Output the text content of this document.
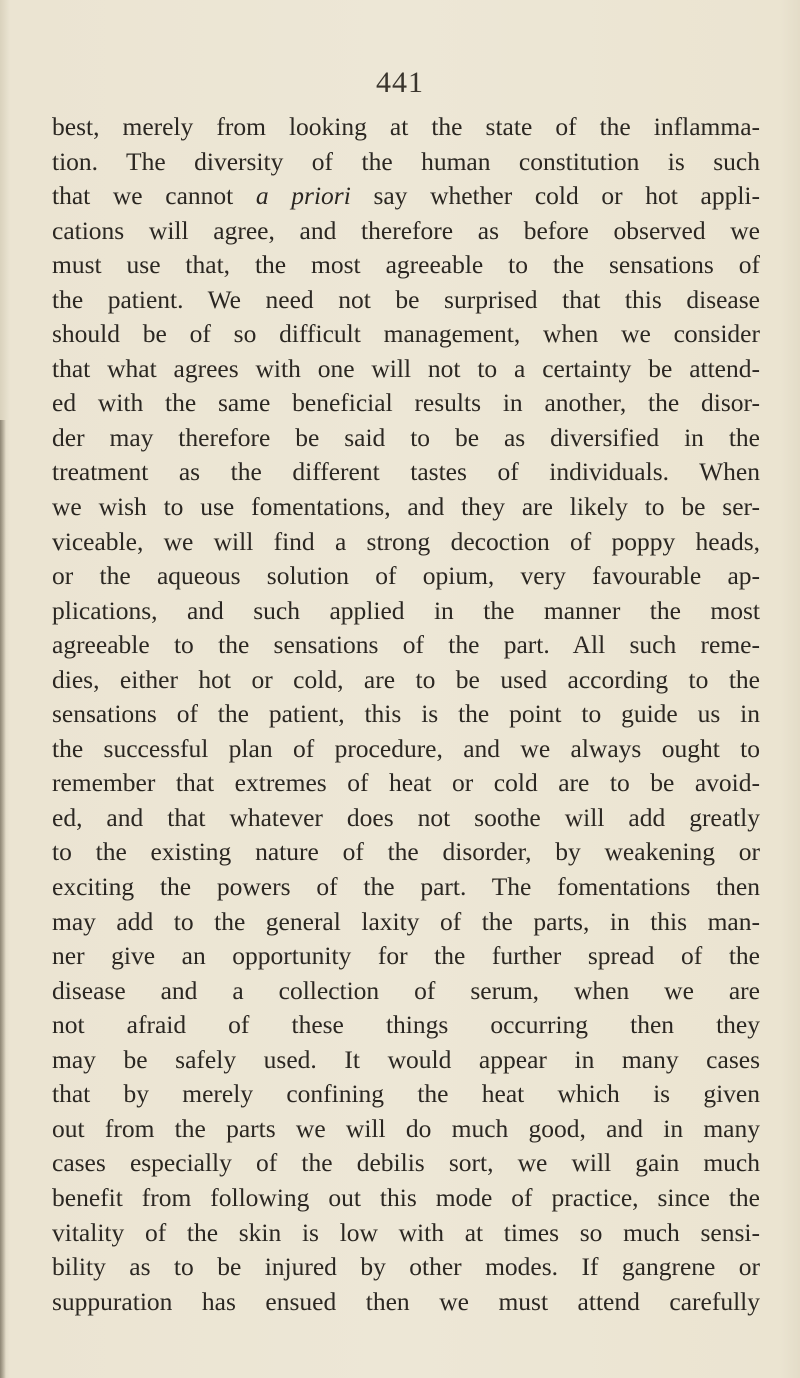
441
best, merely from looking at the state of the inflamma-
tion. The diversity of the human constitution is such
that we cannot a priori say whether cold or hot appli-
cations will agree, and therefore as before observed we
must use that, the most agreeable to the sensations of
the patient. We need not be surprised that this disease
should be of so difficult management, when we consider
that what agrees with one will not to a certainty be attend-
ed with the same beneficial results in another, the disor-
der may therefore be said to be as diversified in the
treatment as the different tastes of individuals. When
we wish to use fomentations, and they are likely to be ser-
viceable, we will find a strong decoction of poppy heads,
or the aqueous solution of opium, very favourable ap-
plications, and such applied in the manner the most
agreeable to the sensations of the part. All such reme-
dies, either hot or cold, are to be used according to the
sensations of the patient, this is the point to guide us in
the successful plan of procedure, and we always ought to
remember that extremes of heat or cold are to be avoid-
ed, and that whatever does not soothe will add greatly
to the existing nature of the disorder, by weakening or
exciting the powers of the part. The fomentations then
may add to the general laxity of the parts, in this man-
ner give an opportunity for the further spread of the
disease and a collection of serum, when we are
not afraid of these things occurring then they
may be safely used. It would appear in many cases
that by merely confining the heat which is given
out from the parts we will do much good, and in many
cases especially of the debilis sort, we will gain much
benefit from following out this mode of practice, since the
vitality of the skin is low with at times so much sensi-
bility as to be injured by other modes. If gangrene or
suppuration has ensued then we must attend carefully
